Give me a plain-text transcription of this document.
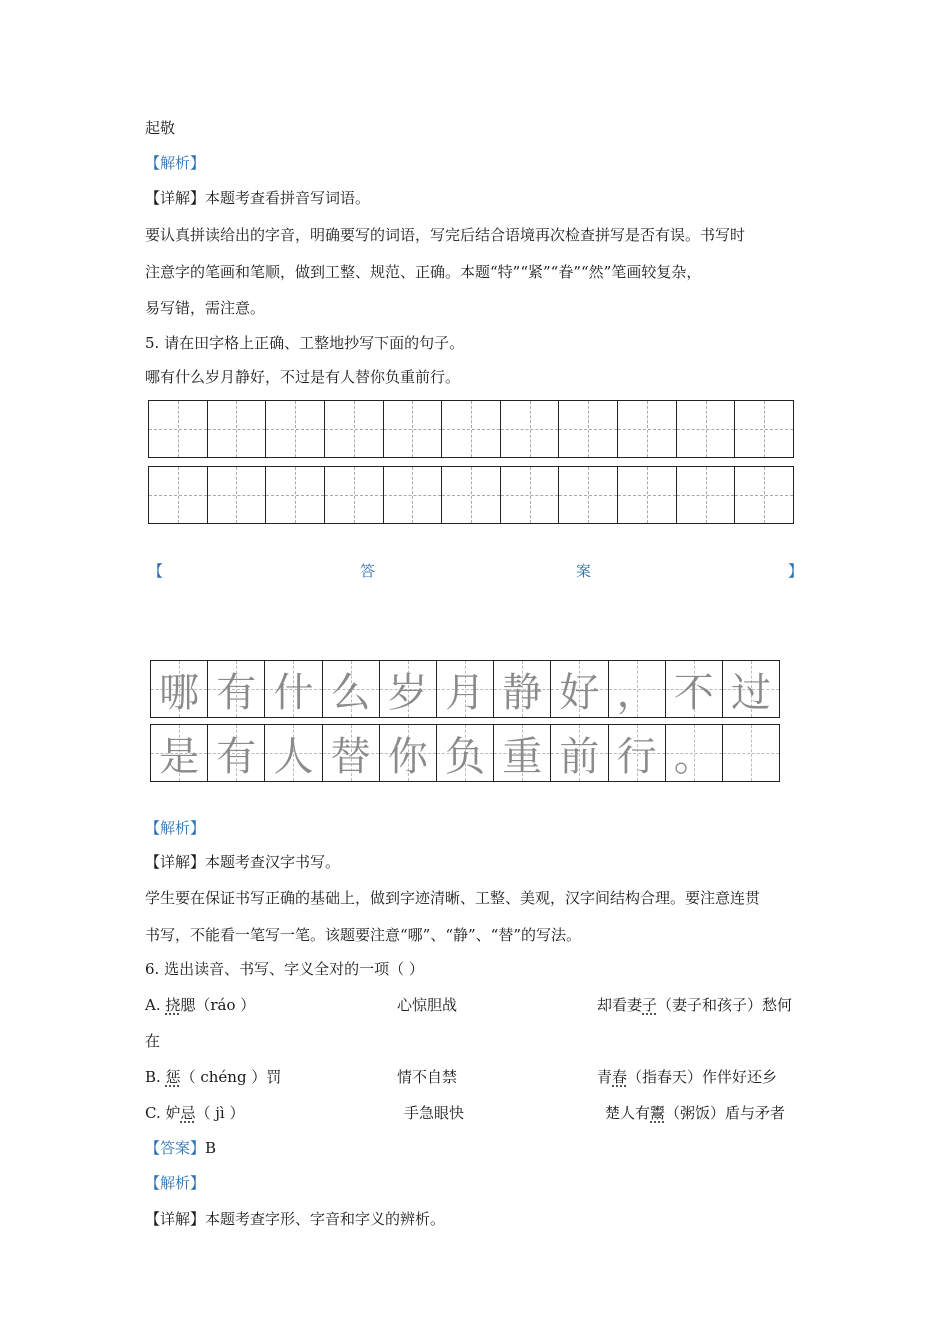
起敬
【解析】
【详解】本题考查看拼音写词语。
要认真拼读给出的字音，明确要写的词语，写完后结合语境再次检查拼写是否有误。书写时
注意字的笔画和笔顺，做到工整、规范、正确。本题“特”“紧”“眷”“然”笔画较复杂，
易写错，需注意。
5. 请在田字格上正确、工整地抄写下面的句子。
哪有什么岁月静好，不过是有人替你负重前行。
【	答	案	】
哪 有 什 么 岁 月 静 好 ， 不 过
是 有 人 替 你 负 重 前 行 。
【解析】
【详解】本题考查汉字书写。
学生要在保证书写正确的基础上，做到字迹清晰、工整、美观，汉字间结构合理。要注意连贯
书写，不能看一笔写一笔。该题要注意“哪”、“静”、“替”的写法。
6. 选出读音、书写、字义全对的一项（ ）
A. 挠腮（ráo ）	心惊胆战	却看妻子（妻子和孩子）愁何
在
B. 惩（ chéng ）罚	情不自禁	青春（指春天）作伴好还乡
C. 妒忌（ jì ）	手急眼快	楚人有鬻（粥饭）盾与矛者
【答案】B
【解析】
【详解】本题考查字形、字音和字义的辨析。
